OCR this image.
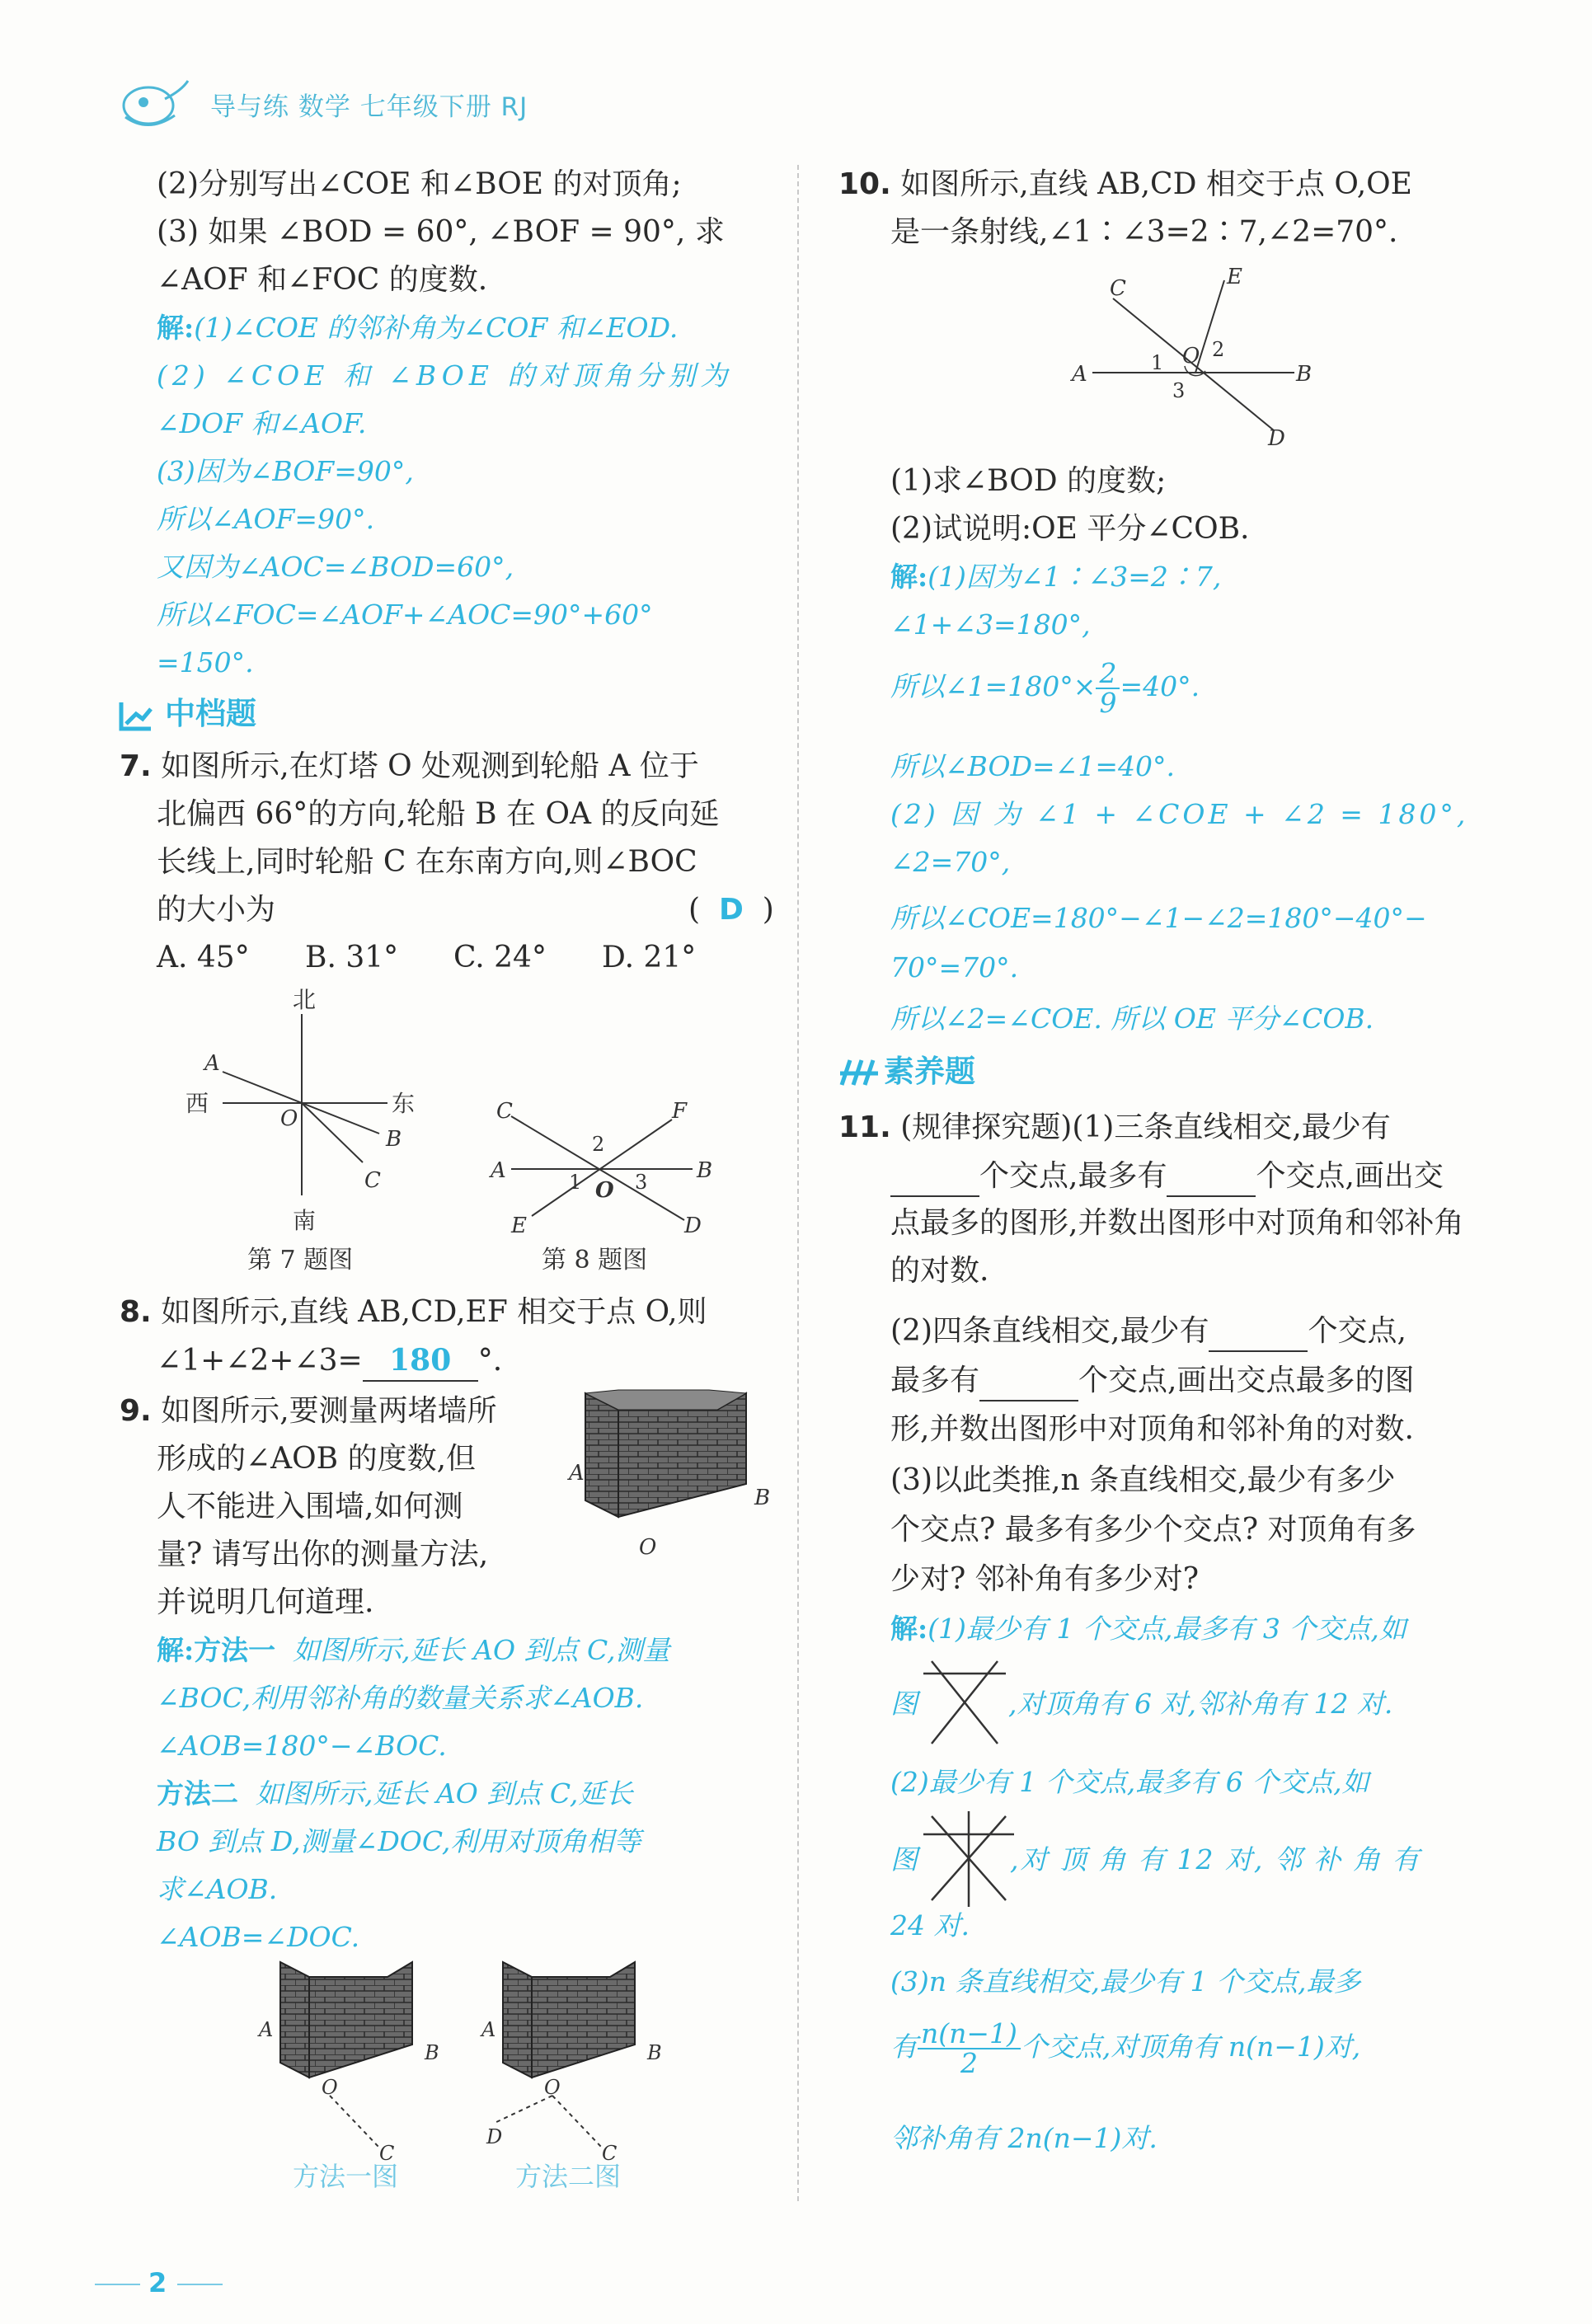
导与练 数学 七年级下册 RJ
(2)分别写出∠COE 和∠BOE 的对顶角;
(3) 如果 ∠BOD = 60°, ∠BOF = 90°, 求
∠AOF 和∠FOC 的度数.
解:(1)∠COE 的邻补角为∠COF 和∠EOD.
(2) ∠COE 和 ∠BOE 的对顶角分别为
∠DOF 和∠AOF.
(3)因为∠BOF=90°,
所以∠AOF=90°.
又因为∠AOC=∠BOD=60°,
所以∠FOC=∠AOF+∠AOC=90°+60°
=150°.
中档题
7. 如图所示,在灯塔 O 处观测到轮船 A 位于
北偏西 66°的方向,轮船 B 在 OA 的反向延
长线上,同时轮船 C 在东南方向,则∠BOC
的大小为	( D )
A. 45° B. 31° C. 24° D. 21°
北
南
西	东
A
O
B
C
第 7 题图
C	F
A	B
E	D
O
1
2
3
第 8 题图
8. 如图所示,直线 AB,CD,EF 相交于点 O,则
∠1+∠2+∠3= 180 °.
9. 如图所示,要测量两堵墙所
形成的∠AOB 的度数,但
人不能进入围墙,如何测
量? 请写出你的测量方法,
并说明几何道理.
A
B
O
解:方法一 如图所示,延长 AO 到点 C,测量
∠BOC,利用邻补角的数量关系求∠AOB.
∠AOB=180°−∠BOC.
方法二 如图所示,延长 AO 到点 C,延长
BO 到点 D,测量∠DOC,利用对顶角相等
求∠AOB.
∠AOB=∠DOC.
A
B
O
C
方法一图
A
B
O
C
D
方法二图
10. 如图所示,直线 AB,CD 相交于点 O,OE
是一条射线,∠1∶∠3=2∶7,∠2=70°.
C	E
A	B
D
O
1
2
3
(1)求∠BOD 的度数;
(2)试说明:OE 平分∠COB.
解:(1)因为∠1∶∠3=2∶7,
∠1+∠3=180°,
所以∠1=180°× $\frac{2}{9} =40^\circ$.
所以∠BOD=∠1=40°.
(2) 因 为 ∠1 + ∠COE + ∠2 = 180°,
∠2=70°,
所以∠COE=180°−∠1−∠2=180°−40°−
70°=70°.
所以∠2=∠COE. 所以 OE 平分∠COB.
素养题
11. (规律探究题)(1)三条直线相交,最少有
个交点,最多有	个交点,画出交
点最多的图形,并数出图形中对顶角和邻补角
的对数.
(2)四条直线相交,最少有	个交点,
最多有	个交点,画出交点最多的图
形,并数出图形中对顶角和邻补角的对数.
(3)以此类推,n 条直线相交,最少有多少
个交点? 最多有多少个交点? 对顶角有多
少对? 邻补角有多少对?
解:(1)最少有 1 个交点,最多有 3 个交点,如
图	,对顶角有 6 对,邻补角有 12 对.
(2)最少有 1 个交点,最多有 6 个交点,如
图	,对 顶 角 有 12 对, 邻 补 角 有
24 对.
(3)n 条直线相交,最少有 1 个交点,最多
有 $\frac{n(n-1)}{2}$ 个交点,对顶角有 n(n−1)对,
邻补角有 2n(n−1)对.
2
